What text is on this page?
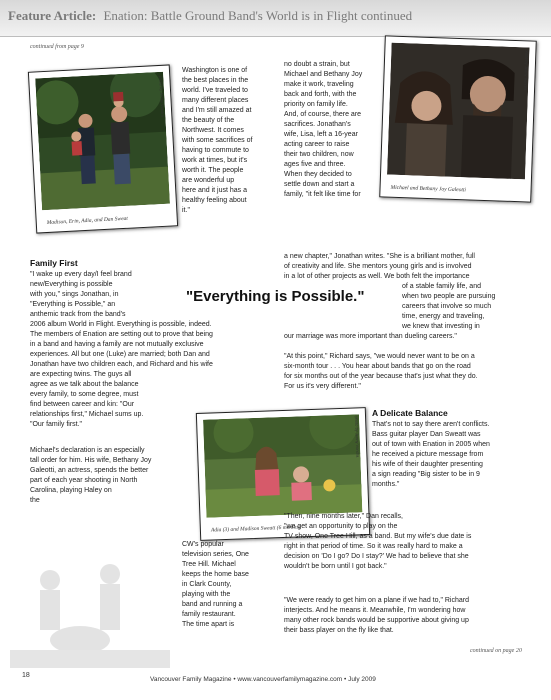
Feature Article: Enation: Battle Ground Band's World is in Flight continued
continued from page 9
Madison, Erin, Adia, and Dan Sweat
photo by Jenny Vondra
Michael and Bethany Joy Galeotti
photo by Jenny Vondra
Adia (3) and Madison Sweatt (6 months)
photo by Jenny Vondra

Washington is one of
the best places in the
world. I've traveled to
many different places
and I'm still amazed at
the beauty of the
Northwest. It comes
with some sacrifices of
having to commute to
work at times, but it's
worth it. The people
are wonderful up
here and it just has a
healthy feeling about
it."

no doubt a strain, but
Michael and Bethany Joy
make it work, traveling
back and forth, with the
priority on family life.
And, of course, there are
sacrifices. Jonathan's
wife, Lisa, left a 16-year
acting career to raise
their two children, now
ages five and three.
When they decided to
settle down and start a
family, "it felt like time for

a new chapter," Jonathan writes. "She is a brilliant mother, full

of creativity and life. She mentors young girls and is involved

in a lot of other projects as well. We both felt the importance

of a stable family life, and
when two people are pursuing
careers that involve so much
time, energy and traveling,
we knew that investing in

our marriage was more important than dueling careers."

"Everything is Possible."
Family First

"I wake up every day/I feel brand
new/Everything is possible
with you," sings Jonathan, in
"Everything is Possible," an
anthemic track from the band's
2006 album World in Flight. Everything is possible, indeed.
The members of Enation are setting out to prove that being
in a band and having a family are not mutually exclusive
experiences. All but one (Luke) are married; both Dan and
Jonathan have two children each, and Richard and his wife
are expecting twins. The guys all
agree as we talk about the balance
every family, to some degree, must
find between career and kin: "Our
relationships first," Michael sums up.
"Our family first."

Michael's declaration is an especially
tall order for him. His wife, Bethany Joy
Galeotti, an actress, spends the better
part of each year shooting in North
Carolina, playing Haley on
the

"At this point," Richard says, "we would never want to be on a
six-month tour . . . You hear about bands that go on the road
for six months out of the year because that's just what they do.
For us it's very different."

A Delicate Balance

That's not to say there aren't conflicts.
Bass guitar player Dan Sweatt was
out of town with Enation in 2005 when
he received a picture message from
his wife of their daughter presenting
a sign reading "Big sister to be in 9
months."

"Then, nine months later," Dan recalls,
"we get an opportunity to play on the
TV show, One Tree Hill, as a band. But my wife's due date is
right in that period of time. So it was really hard to make a
decision on 'Do I go? Do I stay?' We had to believe that she
wouldn't be born until I got back."

"We were ready to get him on a plane if we had to," Richard
interjects. And he means it. Meanwhile, I'm wondering how
many other rock bands would be supportive about giving up
their bass player on the fly like that.

CW's popular
television series, One
Tree Hill. Michael
keeps the home base
in Clark County,
playing with the
band and running a
family restaurant.
The time apart is

continued on page 20
18
Vancouver Family Magazine • www.vancouverfamilymagazine.com • July 2009
